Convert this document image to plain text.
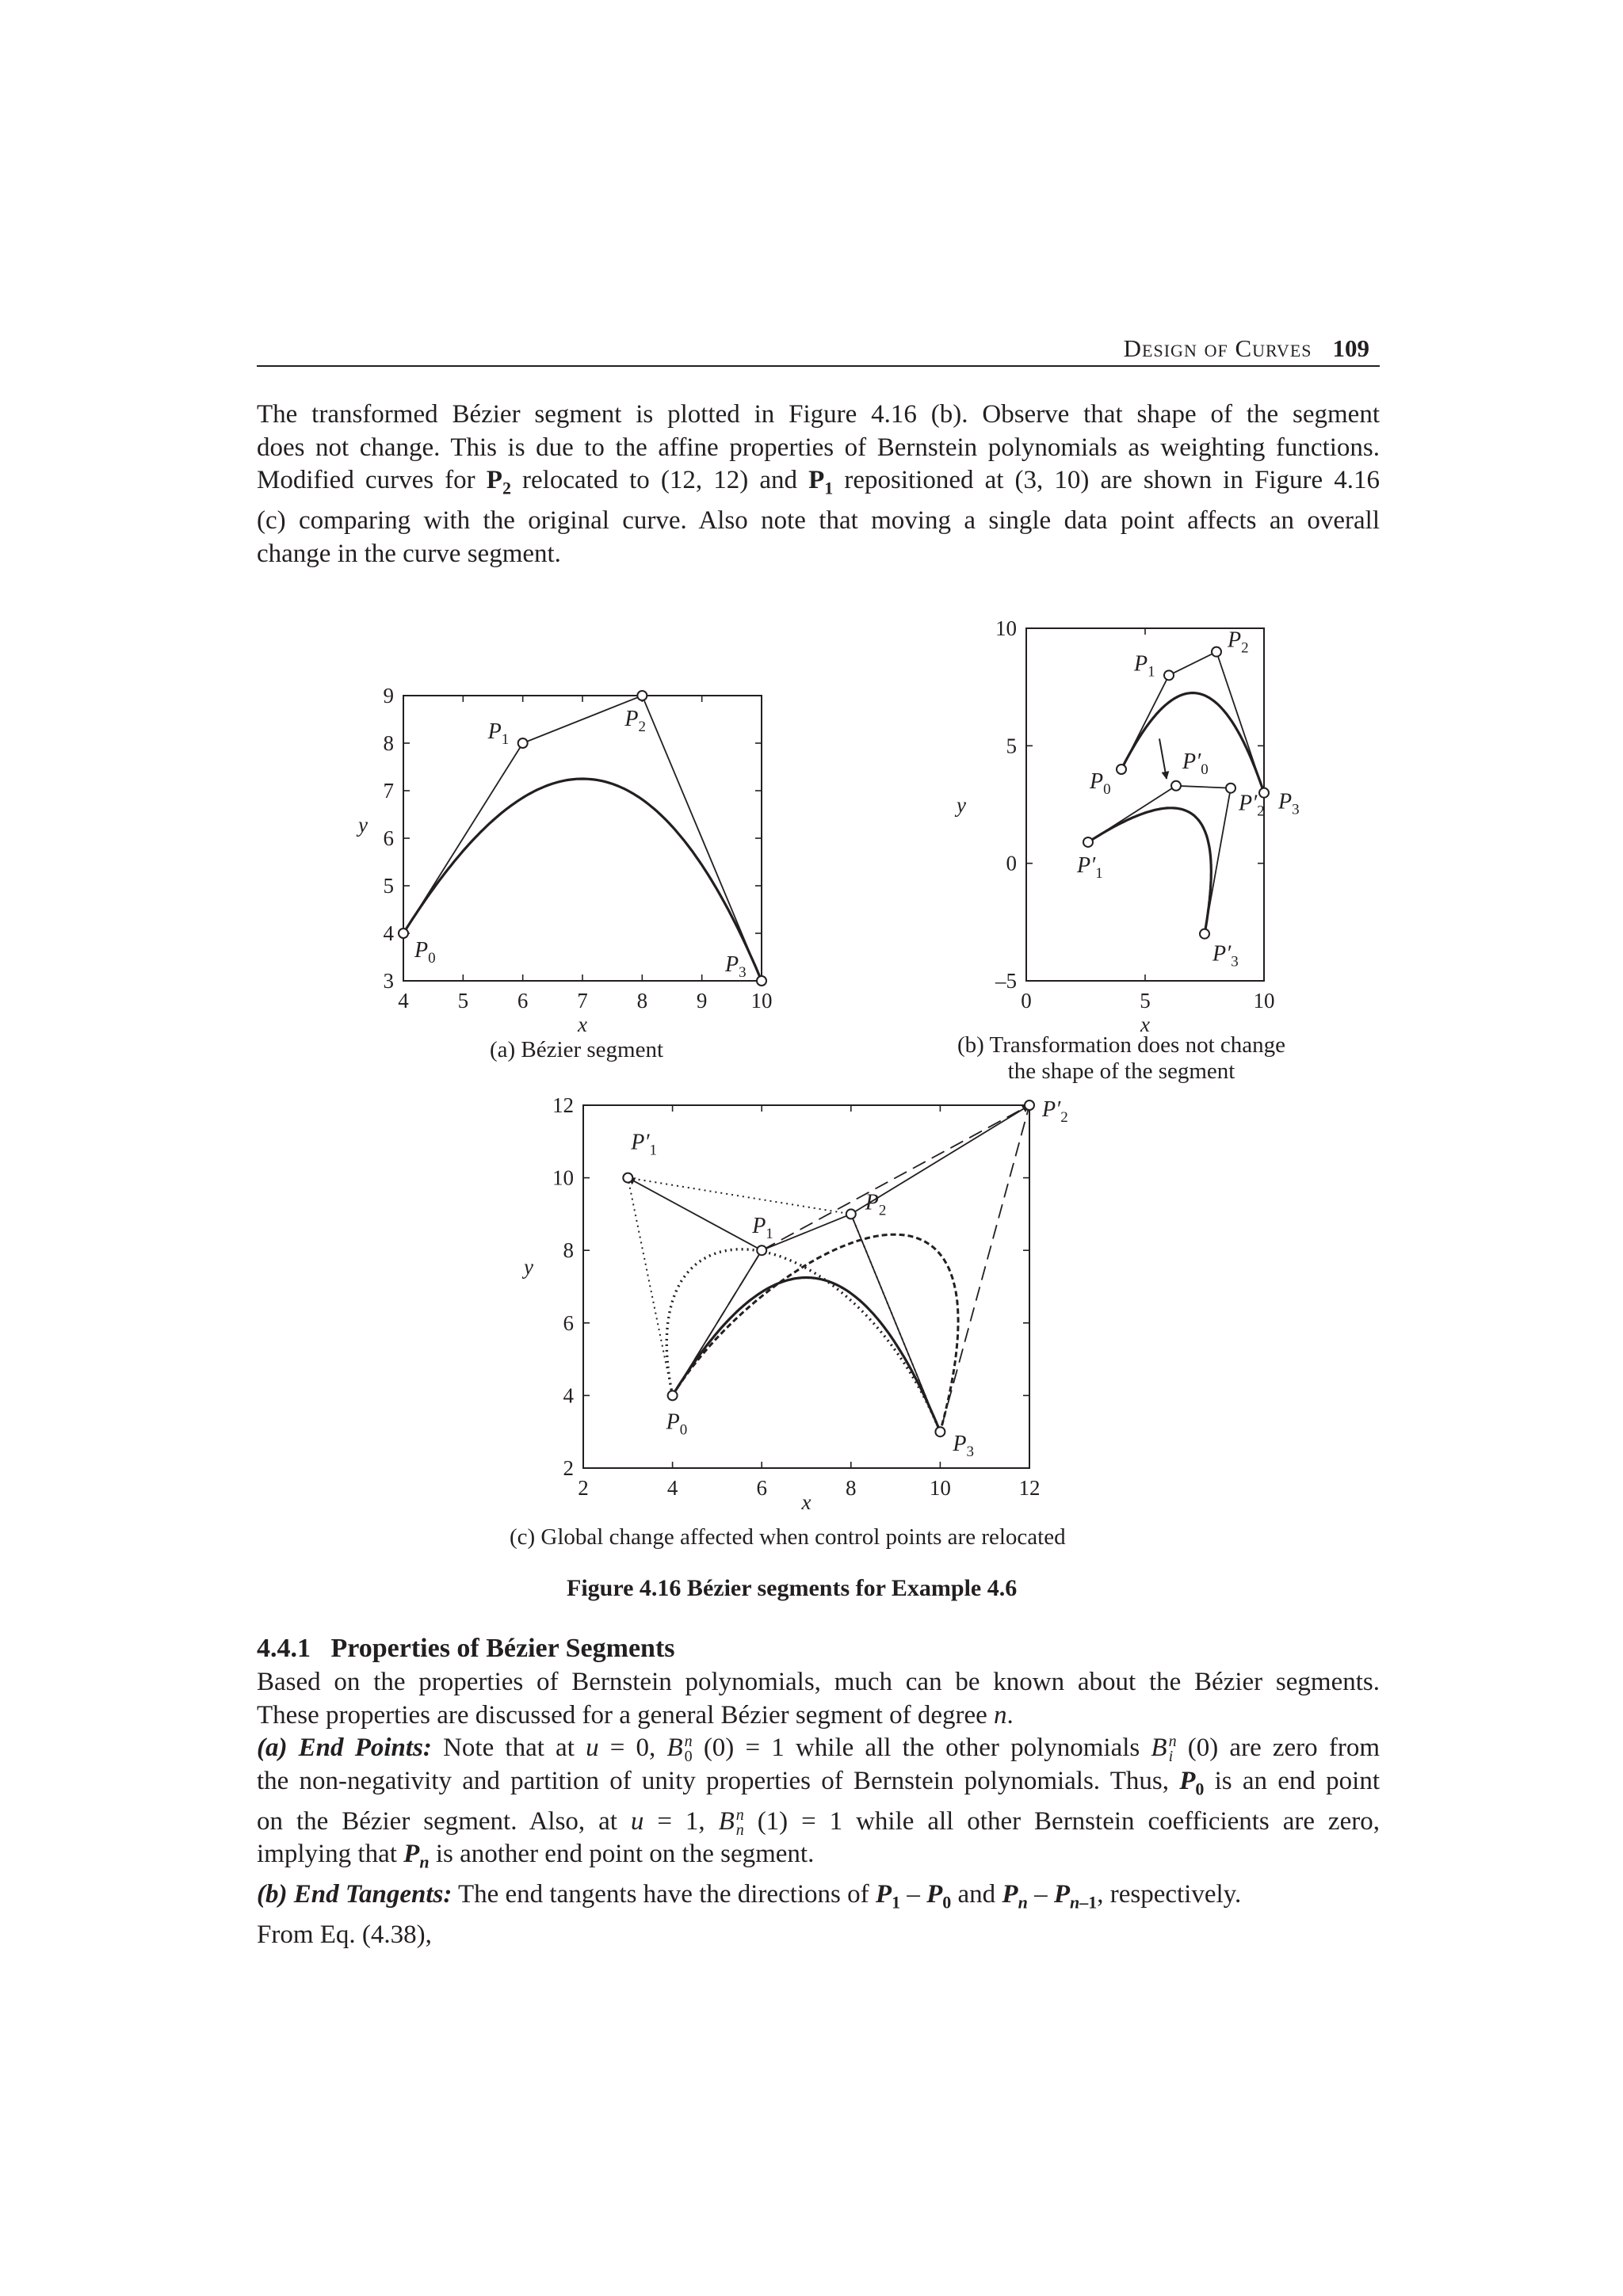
Design of Curves 109
The transformed Bézier segment is plotted in Figure 4.16 (b). Observe that shape of the segment
does not change. This is due to the affine properties of Bernstein polynomials as weighting functions.
Modified curves for $P_2$ relocated to (12, 12) and $P_1$ repositioned at (3, 10) are shown in Figure 4.16
(c) comparing with the original curve. Also note that moving a single data point affects an overall
change in the curve segment.
4 5 6 7 8 9 10
3
4
5
6
7
8
9
x
y
$P_0$
$P_1$
$P_2$
$P_3$
0	5	10
–5
0
5
10
x
y
$P_0$
$P_1$
$P_2$
$P_3$
$P'_0$
$P'_1$
$P'_2$
$P'_3$
2	4	6	8	10	12
2
4
6
8
10
12
x
y
$P_0$
$P_1$
$P_2$
$P_3$
$P'_1$
$P'_2$
(a) Bézier segment	(b) Transformation does not change
the shape of the segment
(c) Global change affected when control points are relocated
Figure 4.16 Bézier segments for Example 4.6
4.4.1 Properties of Bézier Segments
Based on the properties of Bernstein polynomials, much can be known about the Bézier segments.
These properties are discussed for a general Bézier segment of degree n.
(a) End Points: Note that at u = 0, B n
0 (0) = 1 while all the other polynomials B n
i (0) are zero from
the non-negativity and partition of unity properties of Bernstein polynomials. Thus, $P_0$ is an end point
on the Bézier segment. Also, at u = 1, B n
n (1) = 1 while all other Bernstein coefficients are zero,
implying that $P_n$ is another end point on the segment.
(b) End Tangents: The end tangents have the directions of $P_1 - P_0$ and $P_n - P_{n-1}$, respectively.
From Eq. (4.38),
